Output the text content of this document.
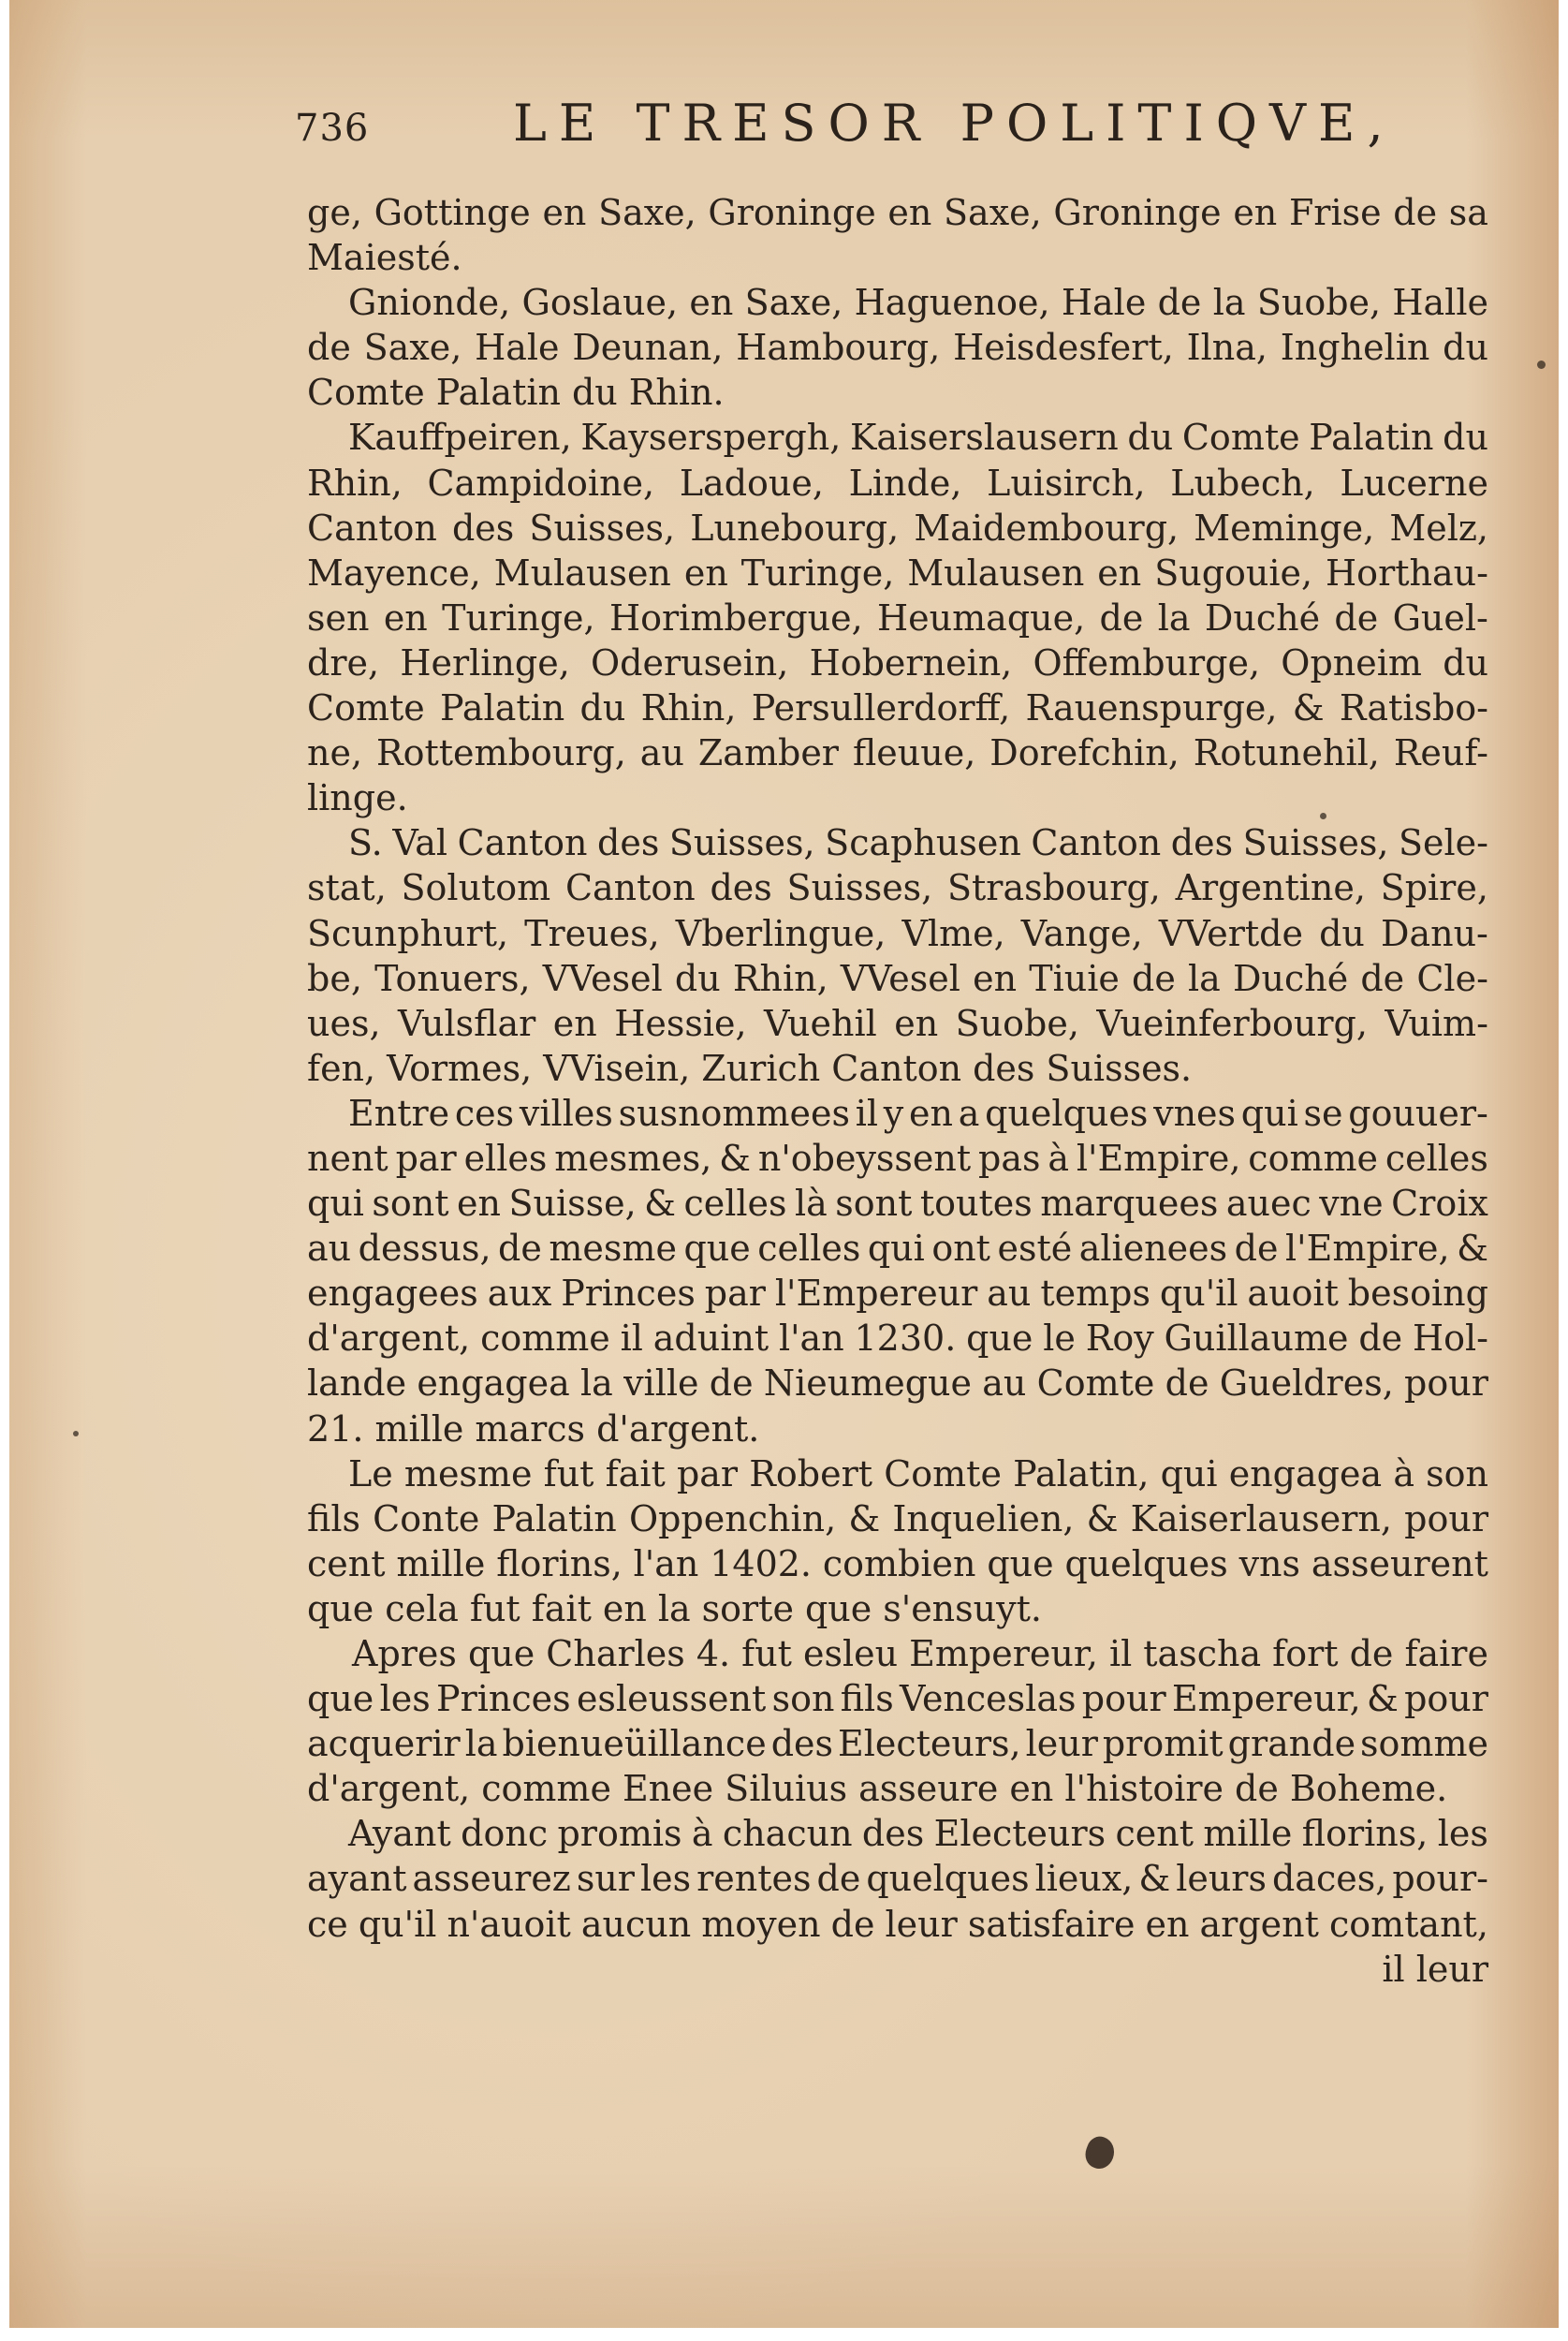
736	LE TRESOR POLITIQVE,
ge, Gottinge en Saxe, Groninge en Saxe, Groninge en Frise de sa
Maiesté.
Gnionde, Goslaue, en Saxe, Haguenoe, Hale de la Suobe, Halle
de Saxe, Hale Deunan, Hambourg, Heisdesfert, Ilna, Inghelin du
Comte Palatin du Rhin.
Kauffpeiren, Kayserspergh, Kaiserslausern du Comte Palatin du
Rhin, Campidoine, Ladoue, Linde, Luisirch, Lubech, Lucerne
Canton des Suisses, Lunebourg, Maidembourg, Meminge, Melz,
Mayence, Mulausen en Turinge, Mulausen en Sugouie, Horthau-
sen en Turinge, Horimbergue, Heumaque, de la Duché de Guel-
dre, Herlinge, Oderusein, Hobernein, Offemburge, Opneim du
Comte Palatin du Rhin, Persullerdorff, Rauenspurge, & Ratisbo-
ne, Rottembourg, au Zamber fleuue, Dorefchin, Rotunehil, Reuf-
linge.
S. Val Canton des Suisses, Scaphusen Canton des Suisses, Sele-
stat, Solutom Canton des Suisses, Strasbourg, Argentine, Spire,
Scunphurt, Treues, Vberlingue, Vlme, Vange, VVertde du Danu-
be, Tonuers, VVesel du Rhin, VVesel en Tiuie de la Duché de Cle-
ues, Vulsflar en Hessie, Vuehil en Suobe, Vueinferbourg, Vuim-
fen, Vormes, VVisein, Zurich Canton des Suisses.
Entre ces villes susnommees il y en a quelques vnes qui se gouuer-
nent par elles mesmes, & n'obeyssent pas à l'Empire, comme celles
qui sont en Suisse, & celles là sont toutes marquees auec vne Croix
au dessus, de mesme que celles qui ont esté alienees de l'Empire, &
engagees aux Princes par l'Empereur au temps qu'il auoit besoing
d'argent, comme il aduint l'an 1230. que le Roy Guillaume de Hol-
lande engagea la ville de Nieumegue au Comte de Gueldres, pour
21. mille marcs d'argent.
Le mesme fut fait par Robert Comte Palatin, qui engagea à son
fils Conte Palatin Oppenchin, & Inquelien, & Kaiserlausern, pour
cent mille florins, l'an 1402. combien que quelques vns asseurent
que cela fut fait en la sorte que s'ensuyt.
Apres que Charles 4. fut esleu Empereur, il tascha fort de faire
que les Princes esleussent son fils Venceslas pour Empereur, & pour
acquerir la bienueüillance des Electeurs, leur promit grande somme
d'argent, comme Enee Siluius asseure en l'histoire de Boheme.
Ayant donc promis à chacun des Electeurs cent mille florins, les
ayant asseurez sur les rentes de quelques lieux, & leurs daces, pour-
ce qu'il n'auoit aucun moyen de leur satisfaire en argent comtant,
il leur
